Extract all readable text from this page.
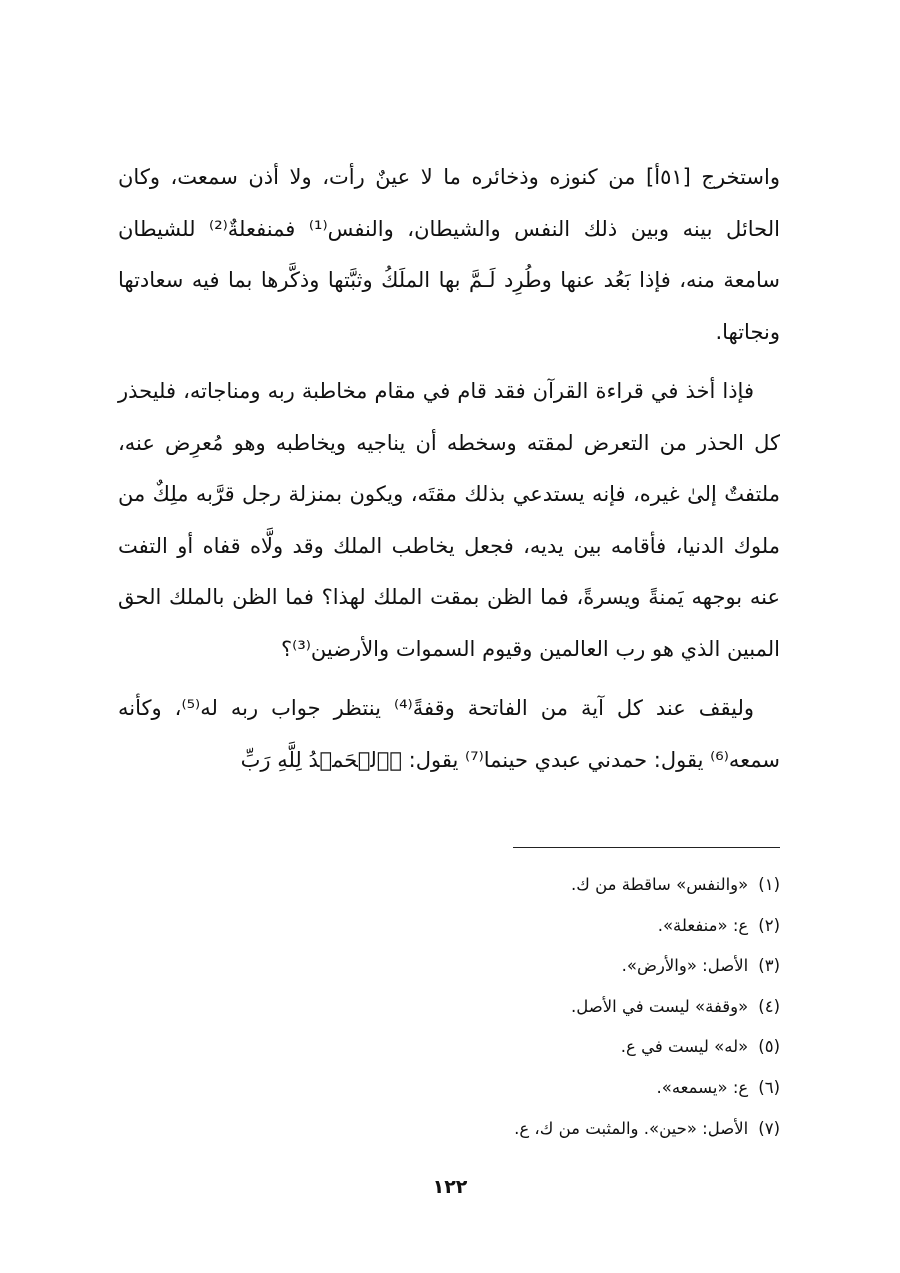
واستخرج [٥١أ] من كنوزه وذخائره ما لا عينٌ رأت، ولا أذن سمعت، وكان الحائل بينه وبين ذلك النفس والشيطان، والنفس⁽¹⁾ فمنفعلةٌ⁽²⁾ للشيطان سامعة منه، فإذا بَعُد عنها وطُرِد لَـمَّ بها الملَكُ وثبَّتها وذكَّرها بما فيه سعادتها ونجاتها.

فإذا أخذ في قراءة القرآن فقد قام في مقام مخاطبة ربه ومناجاته، فليحذر كل الحذر من التعرض لمقته وسخطه أن يناجيه ويخاطبه وهو مُعرِض عنه، ملتفتٌ إلىٰ غيره، فإنه يستدعي بذلك مقتَه، ويكون بمنزلة رجل قرَّبه ملِكٌ من ملوك الدنيا، فأقامه بين يديه، فجعل يخاطب الملك وقد ولَّاه قفاه أو التفت عنه بوجهه يَمنةً ويسرةً، فما الظن بمقت الملك لهذا؟ فما الظن بالملك الحق المبين الذي هو رب العالمين وقيوم السموات والأرضين⁽³⁾؟

وليقف عند كل آية من الفاتحة وقفةً⁽⁴⁾ ينتظر جواب ربه له⁽⁵⁾، وكأنه سمعه⁽⁶⁾ يقول: حمدني عبدي حينما⁽⁷⁾ يقول: ﴿ٱلۡحَمۡدُ لِلَّهِ رَبِّ

(١)«والنفس» ساقطة من ك.
(٢)ع: «منفعلة».
(٣)الأصل: «والأرض».
(٤)«وقفة» ليست في الأصل.
(٥)«له» ليست في ع.
(٦)ع: «يسمعه».
(٧)الأصل: «حين». والمثبت من ك، ع.
١٢٢
